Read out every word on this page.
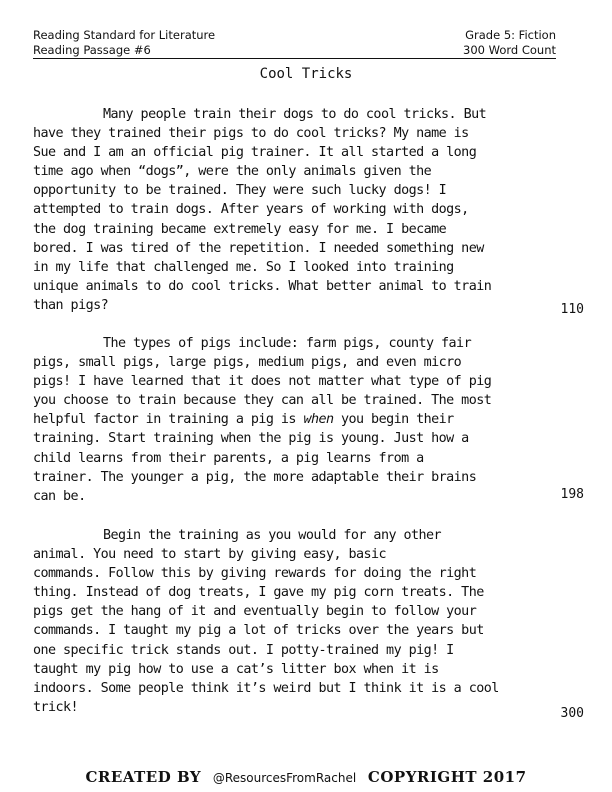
Reading Standard for Literature	Grade 5: Fiction
Reading Passage #6	300 Word Count
Cool Tricks
Many people train their dogs to do cool tricks. But
have they trained their pigs to do cool tricks? My name is
Sue and I am an official pig trainer. It all started a long
time ago when “dogs”, were the only animals given the
opportunity to be trained. They were such lucky dogs! I
attempted to train dogs. After years of working with dogs,
the dog training became extremely easy for me. I became
bored. I was tired of the repetition. I needed something new
in my life that challenged me. So I looked into training
unique animals to do cool tricks. What better animal to train
than pigs?	110
The types of pigs include: farm pigs, county fair
pigs, small pigs, large pigs, medium pigs, and even micro
pigs! I have learned that it does not matter what type of pig
you choose to train because they can all be trained. The most
helpful factor in training a pig is when you begin their
training. Start training when the pig is young. Just how a
child learns from their parents, a pig learns from a
trainer. The younger a pig, the more adaptable their brains
can be.	198
Begin the training as you would for any other
animal. You need to start by giving easy, basic
commands. Follow this by giving rewards for doing the right
thing. Instead of dog treats, I gave my pig corn treats. The
pigs get the hang of it and eventually begin to follow your
commands. I taught my pig a lot of tricks over the years but
one specific trick stands out. I potty-trained my pig! I
taught my pig how to use a cat’s litter box when it is
indoors. Some people think it’s weird but I think it is a cool
trick!	300
CREATED BY @ResourcesFromRachel COPYRIGHT 2017
